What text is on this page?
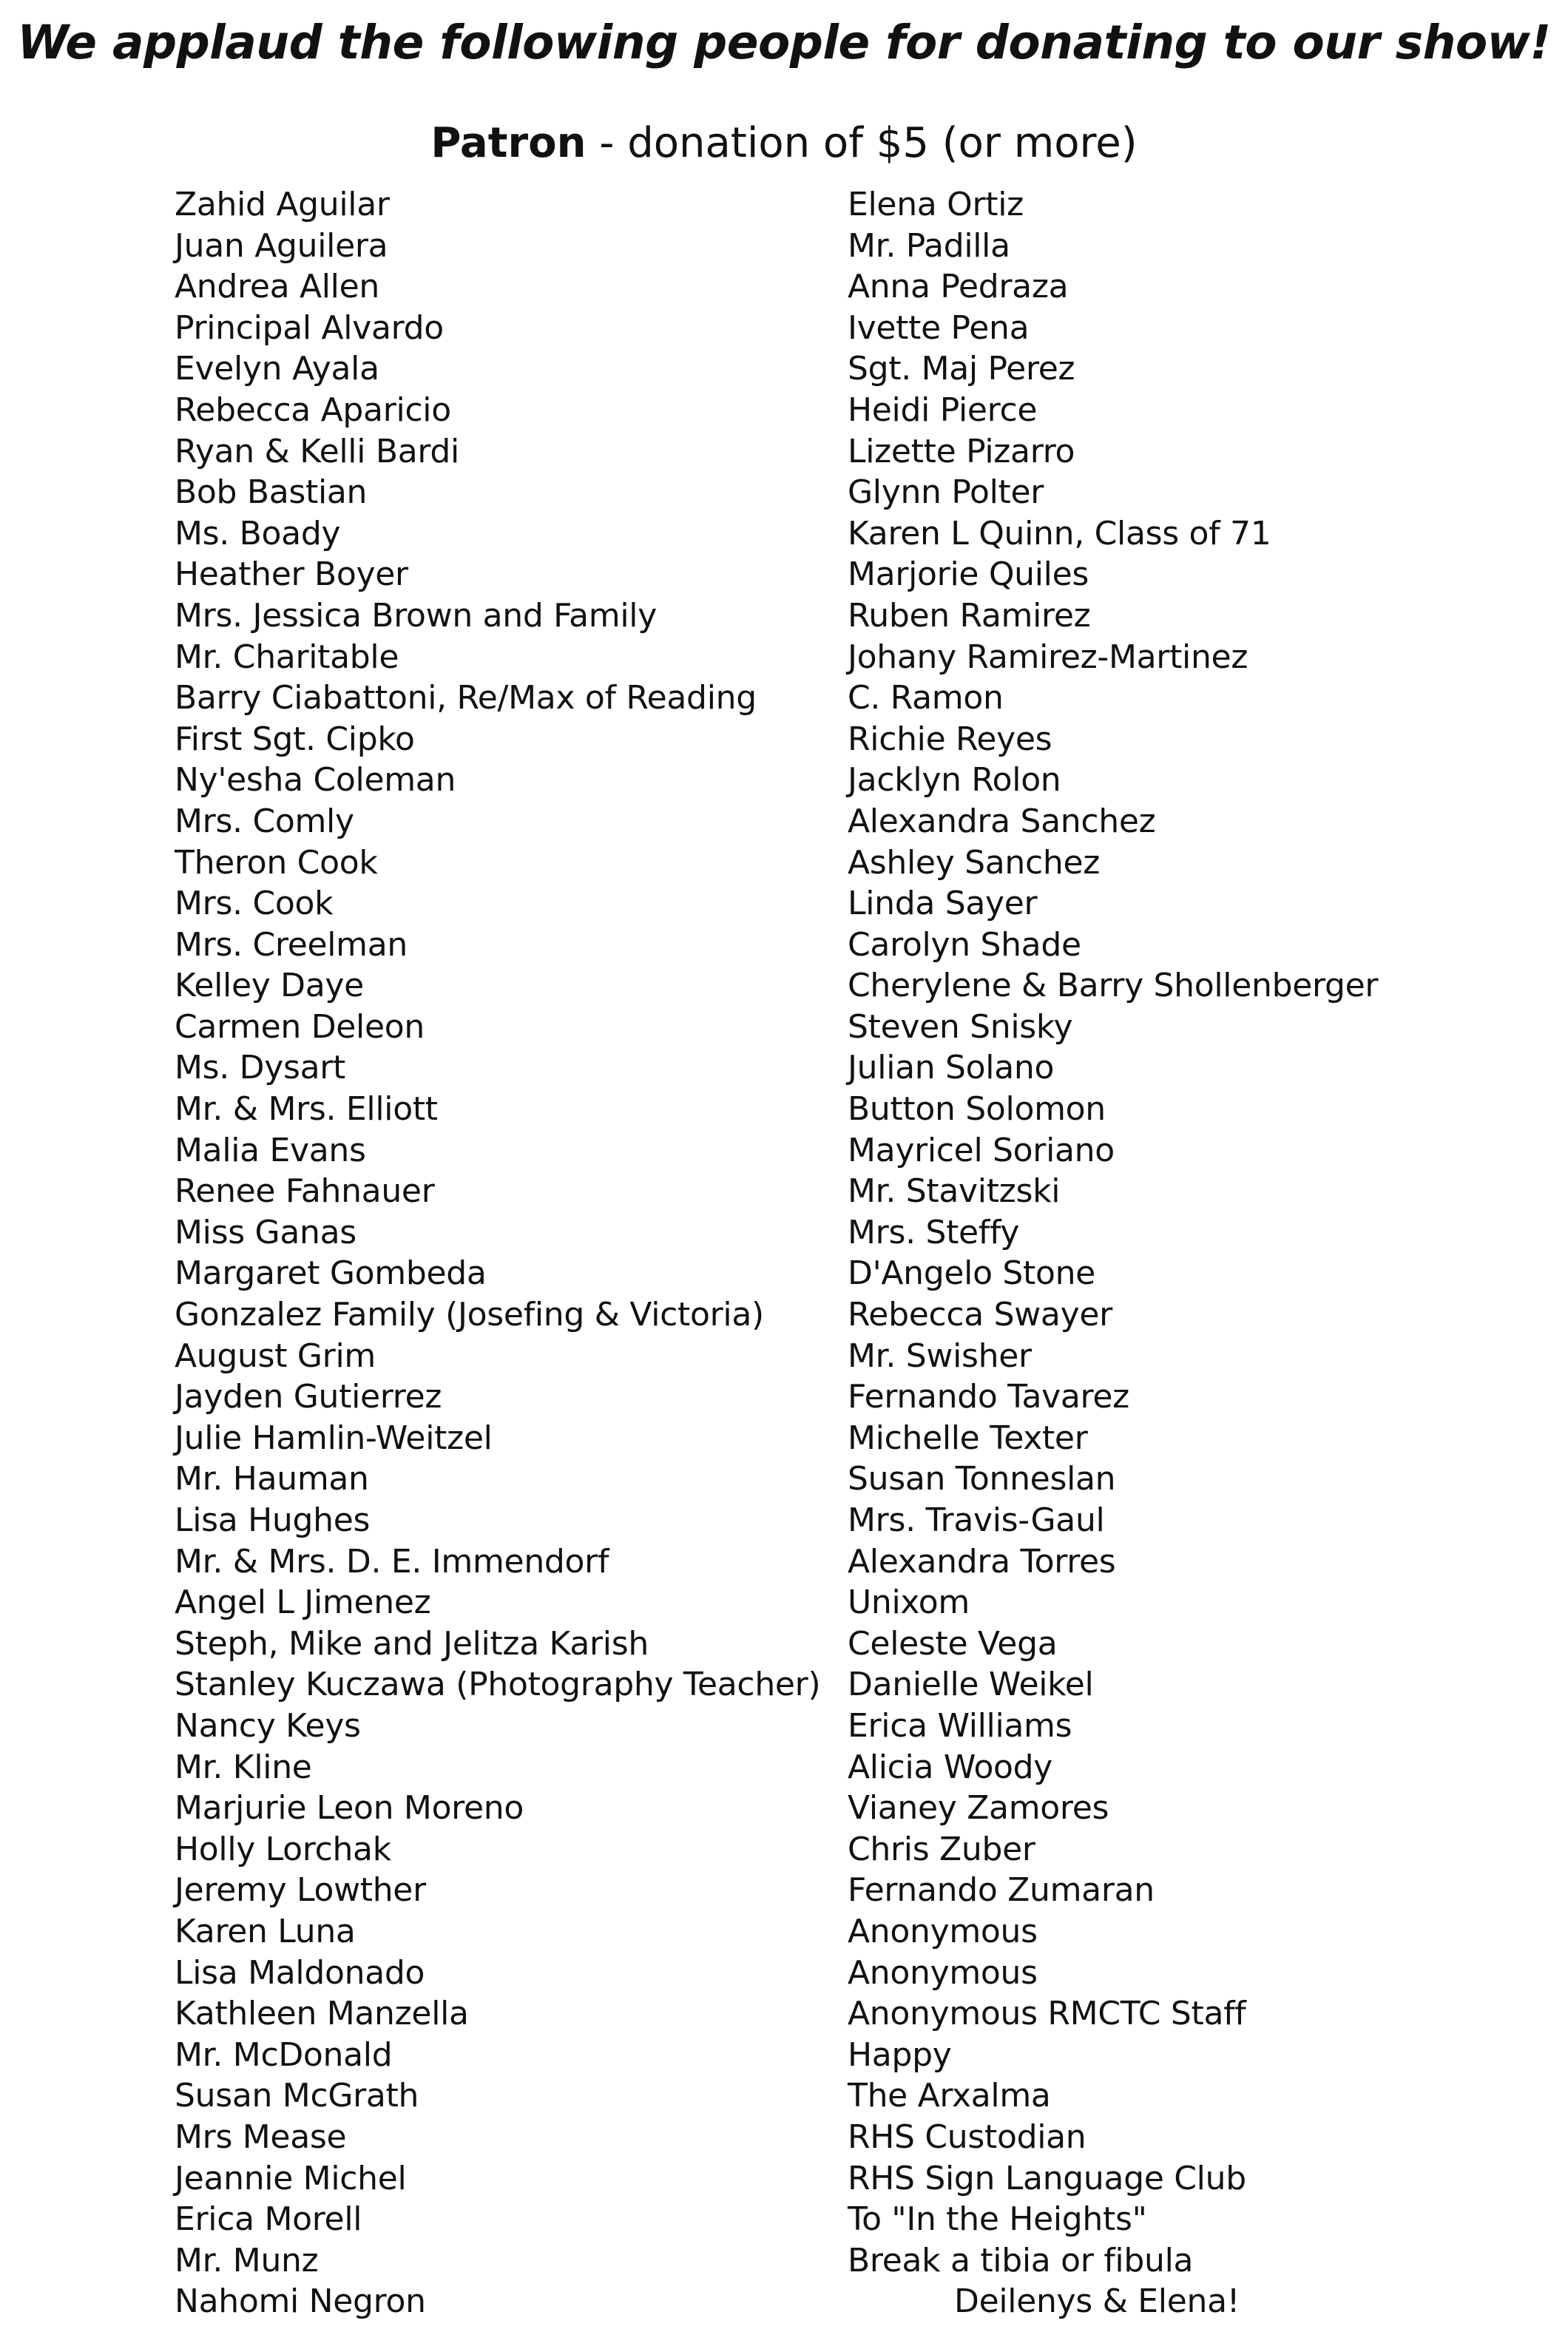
We applaud the following people for donating to our show!
Patron - donation of $5 (or more)
Zahid Aguilar
Juan Aguilera
Andrea Allen
Principal Alvardo
Evelyn Ayala
Rebecca Aparicio
Ryan & Kelli Bardi
Bob Bastian
Ms. Boady
Heather Boyer
Mrs. Jessica Brown and Family
Mr. Charitable
Barry Ciabattoni, Re/Max of Reading
First Sgt. Cipko
Ny'esha Coleman
Mrs. Comly
Theron Cook
Mrs. Cook
Mrs. Creelman
Kelley Daye
Carmen Deleon
Ms. Dysart
Mr. & Mrs. Elliott
Malia Evans
Renee Fahnauer
Miss Ganas
Margaret Gombeda
Gonzalez Family (Josefing & Victoria)
August Grim
Jayden Gutierrez
Julie Hamlin-Weitzel
Mr. Hauman
Lisa Hughes
Mr. & Mrs. D. E. Immendorf
Angel L Jimenez
Steph, Mike and Jelitza Karish
Stanley Kuczawa (Photography Teacher)
Nancy Keys
Mr. Kline
Marjurie Leon Moreno
Holly Lorchak
Jeremy Lowther
Karen Luna
Lisa Maldonado
Kathleen Manzella
Mr. McDonald
Susan McGrath
Mrs Mease
Jeannie Michel
Erica Morell
Mr. Munz
Nahomi Negron
Elena Ortiz
Mr. Padilla
Anna Pedraza
Ivette Pena
Sgt. Maj Perez
Heidi Pierce
Lizette Pizarro
Glynn Polter
Karen L Quinn, Class of 71
Marjorie Quiles
Ruben Ramirez
Johany Ramirez-Martinez
C. Ramon
Richie Reyes
Jacklyn Rolon
Alexandra Sanchez
Ashley Sanchez
Linda Sayer
Carolyn Shade
Cherylene & Barry Shollenberger
Steven Snisky
Julian Solano
Button Solomon
Mayricel Soriano
Mr. Stavitzski
Mrs. Steffy
D'Angelo Stone
Rebecca Swayer
Mr. Swisher
Fernando Tavarez
Michelle Texter
Susan Tonneslan
Mrs. Travis-Gaul
Alexandra Torres
Unixom
Celeste Vega
Danielle Weikel
Erica Williams
Alicia Woody
Vianey Zamores
Chris Zuber
Fernando Zumaran
Anonymous
Anonymous
Anonymous RMCTC Staff
Happy
The Arxalma
RHS Custodian
RHS Sign Language Club
To "In the Heights"
Break a tibia or fibula
Deilenys & Elena!
